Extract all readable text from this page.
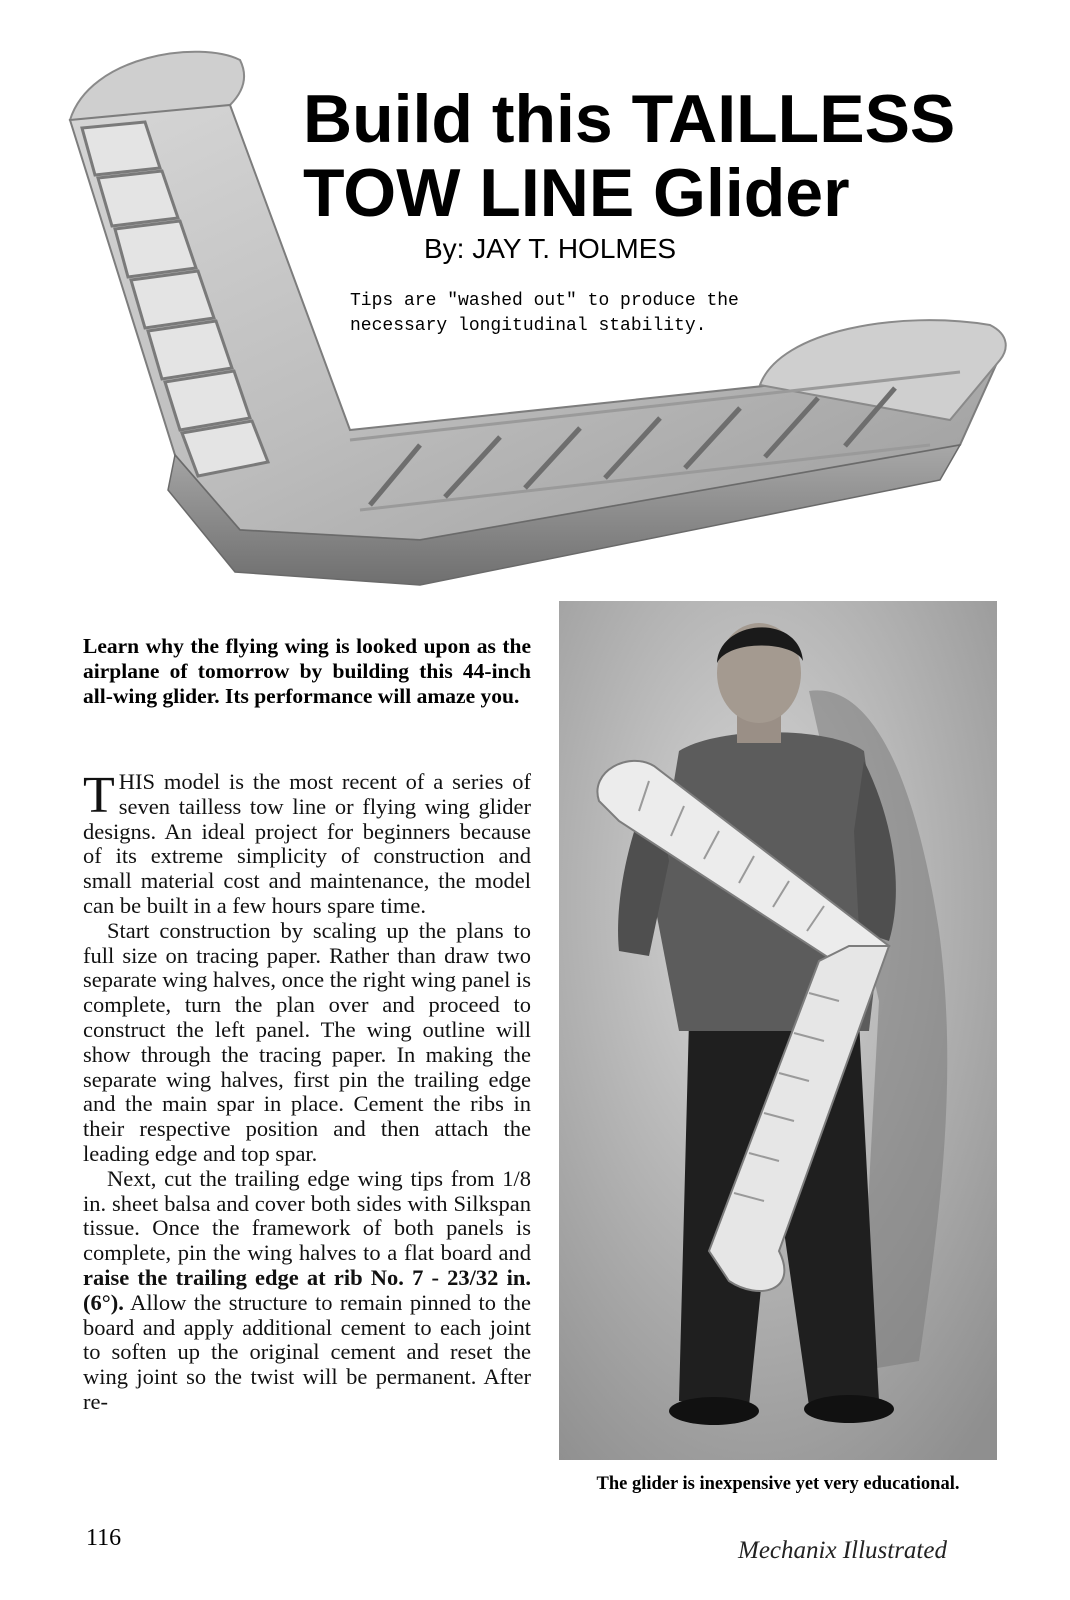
Build this TAILLESS
TOW LINE Glider
By: JAY T. HOLMES
Tips are "washed out" to produce the
necessary longitudinal stability.
Learn why the flying wing is looked upon as the airplane of tomorrow by building this 44-inch all-wing glider. Its performance will amaze you.

THIS model is the most recent of a series of seven tailless tow line or flying wing glider designs. An ideal project for beginners because of its extreme simplicity of construction and small material cost and maintenance, the model can be built in a few hours spare time.

Start construction by scaling up the plans to full size on tracing paper. Rather than draw two separate wing halves, once the right wing panel is complete, turn the plan over and proceed to construct the left panel. The wing outline will show through the tracing paper. In making the separate wing halves, first pin the trailing edge and the main spar in place. Cement the ribs in their respective position and then attach the leading edge and top spar.

Next, cut the trailing edge wing tips from 1/8 in. sheet balsa and cover both sides with Silkspan tissue. Once the framework of both panels is complete, pin the wing halves to a flat board and raise the trailing edge at rib No. 7 - 23/32 in. (6°). Allow the structure to remain pinned to the board and apply additional cement to each joint to soften up the original cement and reset the wing joint so the twist will be permanent. After re-

The glider is inexpensive yet very educational.
116	Mechanix Illustrated
